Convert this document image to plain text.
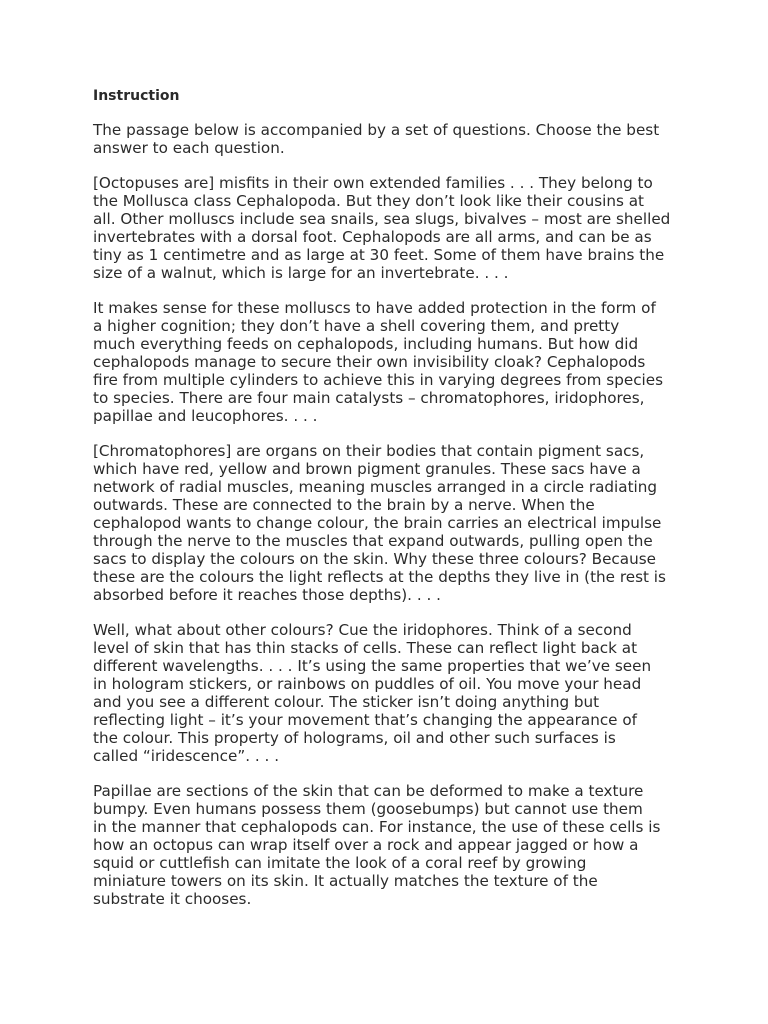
Instruction
The passage below is accompanied by a set of questions. Choose the best
answer to each question.
[Octopuses are] misfits in their own extended families . . . They belong to
the Mollusca class Cephalopoda. But they don’t look like their cousins at
all. Other molluscs include sea snails, sea slugs, bivalves – most are shelled
invertebrates with a dorsal foot. Cephalopods are all arms, and can be as
tiny as 1 centimetre and as large at 30 feet. Some of them have brains the
size of a walnut, which is large for an invertebrate. . . .
It makes sense for these molluscs to have added protection in the form of
a higher cognition; they don’t have a shell covering them, and pretty
much everything feeds on cephalopods, including humans. But how did
cephalopods manage to secure their own invisibility cloak? Cephalopods
fire from multiple cylinders to achieve this in varying degrees from species
to species. There are four main catalysts – chromatophores, iridophores,
papillae and leucophores. . . .
[Chromatophores] are organs on their bodies that contain pigment sacs,
which have red, yellow and brown pigment granules. These sacs have a
network of radial muscles, meaning muscles arranged in a circle radiating
outwards. These are connected to the brain by a nerve. When the
cephalopod wants to change colour, the brain carries an electrical impulse
through the nerve to the muscles that expand outwards, pulling open the
sacs to display the colours on the skin. Why these three colours? Because
these are the colours the light reflects at the depths they live in (the rest is
absorbed before it reaches those depths). . . .
Well, what about other colours? Cue the iridophores. Think of a second
level of skin that has thin stacks of cells. These can reflect light back at
different wavelengths. . . . It’s using the same properties that we’ve seen
in hologram stickers, or rainbows on puddles of oil. You move your head
and you see a different colour. The sticker isn’t doing anything but
reflecting light – it’s your movement that’s changing the appearance of
the colour. This property of holograms, oil and other such surfaces is
called “iridescence”. . . .
Papillae are sections of the skin that can be deformed to make a texture
bumpy. Even humans possess them (goosebumps) but cannot use them
in the manner that cephalopods can. For instance, the use of these cells is
how an octopus can wrap itself over a rock and appear jagged or how a
squid or cuttlefish can imitate the look of a coral reef by growing
miniature towers on its skin. It actually matches the texture of the
substrate it chooses.
